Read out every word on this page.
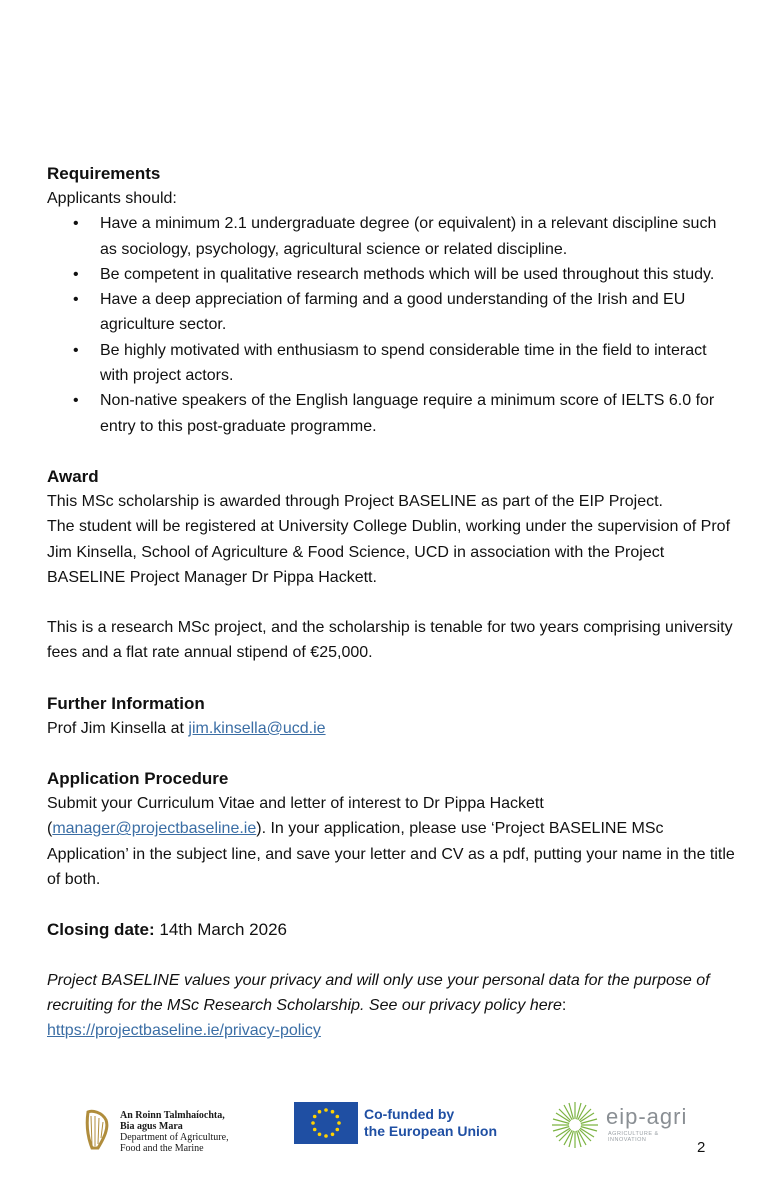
Requirements

Applicants should:

• Have a minimum 2.1 undergraduate degree (or equivalent) in a relevant discipline such as sociology, psychology, agricultural science or related discipline.
• Be competent in qualitative research methods which will be used throughout this study.
• Have a deep appreciation of farming and a good understanding of the Irish and EU agriculture sector.
• Be highly motivated with enthusiasm to spend considerable time in the field to interact with project actors.
• Non-native speakers of the English language require a minimum score of IELTS 6.0 for entry to this post-graduate programme.
Award

This MSc scholarship is awarded through Project BASELINE as part of the EIP Project.

The student will be registered at University College Dublin, working under the supervision of Prof Jim Kinsella, School of Agriculture & Food Science, UCD in association with the Project BASELINE Project Manager Dr Pippa Hackett.

This is a research MSc project, and the scholarship is tenable for two years comprising university fees and a flat rate annual stipend of €25,000.

Further Information

Prof Jim Kinsella at jim.kinsella@ucd.ie

Application Procedure

Submit your Curriculum Vitae and letter of interest to Dr Pippa Hackett (manager@projectbaseline.ie). In your application, please use ‘Project BASELINE MSc Application’ in the subject line, and save your letter and CV as a pdf, putting your name in the title of both.

Closing date: 14th March 2026

Project BASELINE values your privacy and will only use your personal data for the purpose of recruiting for the MSc Research Scholarship. See our privacy policy here:

https://projectbaseline.ie/privacy-policy

An Roinn Talmhaíochta,
Bia agus Mara
Department of Agriculture,
Food and the Marine
Co-funded by
the European Union
eip-agri
AGRICULTURE & INNOVATION	2
